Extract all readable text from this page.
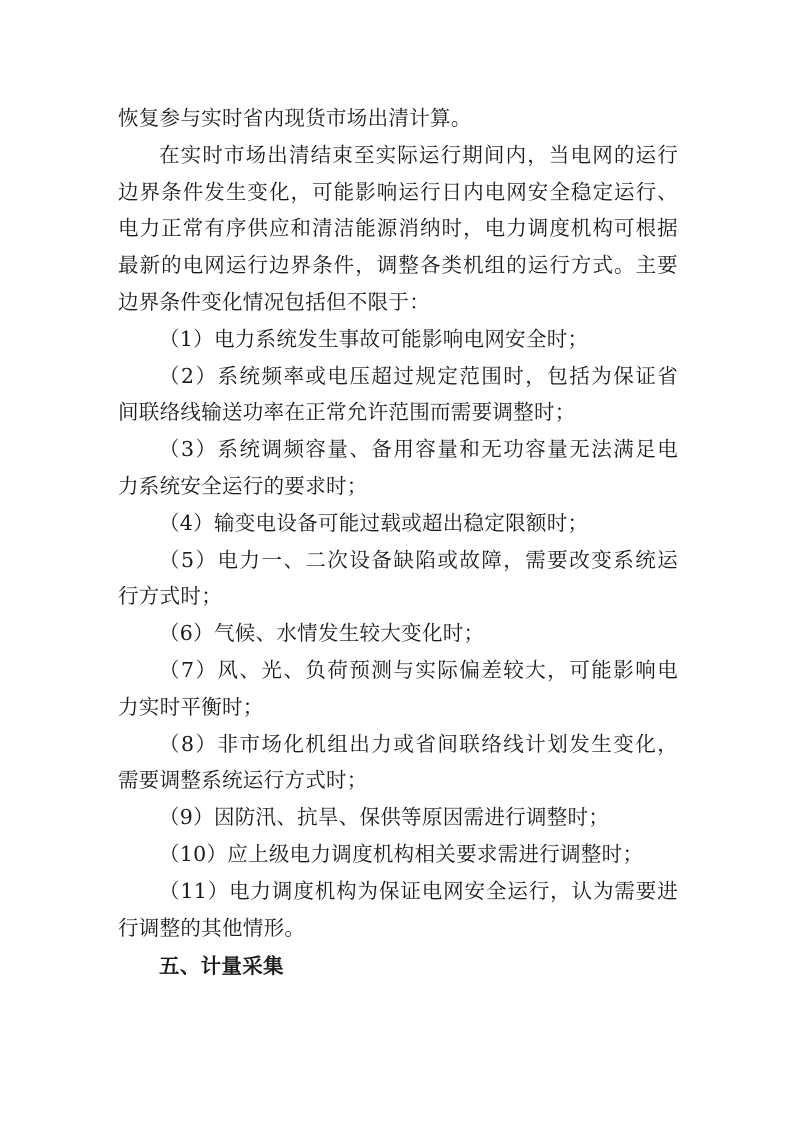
恢复参与实时省内现货市场出清计算。
在实时市场出清结束至实际运行期间内，当电网的运行
边界条件发生变化，可能影响运行日内电网安全稳定运行、
电力正常有序供应和清洁能源消纳时，电力调度机构可根据
最新的电网运行边界条件，调整各类机组的运行方式。主要
边界条件变化情况包括但不限于：
（1）电力系统发生事故可能影响电网安全时；
（2）系统频率或电压超过规定范围时，包括为保证省
间联络线输送功率在正常允许范围而需要调整时；
（3）系统调频容量、备用容量和无功容量无法满足电
力系统安全运行的要求时；
（4）输变电设备可能过载或超出稳定限额时；
（5）电力一、二次设备缺陷或故障，需要改变系统运
行方式时；
（6）气候、水情发生较大变化时；
（7）风、光、负荷预测与实际偏差较大，可能影响电
力实时平衡时；
（8）非市场化机组出力或省间联络线计划发生变化，
需要调整系统运行方式时；
（9）因防汛、抗旱、保供等原因需进行调整时；
（10）应上级电力调度机构相关要求需进行调整时；
（11）电力调度机构为保证电网安全运行，认为需要进
行调整的其他情形。
五、计量采集
